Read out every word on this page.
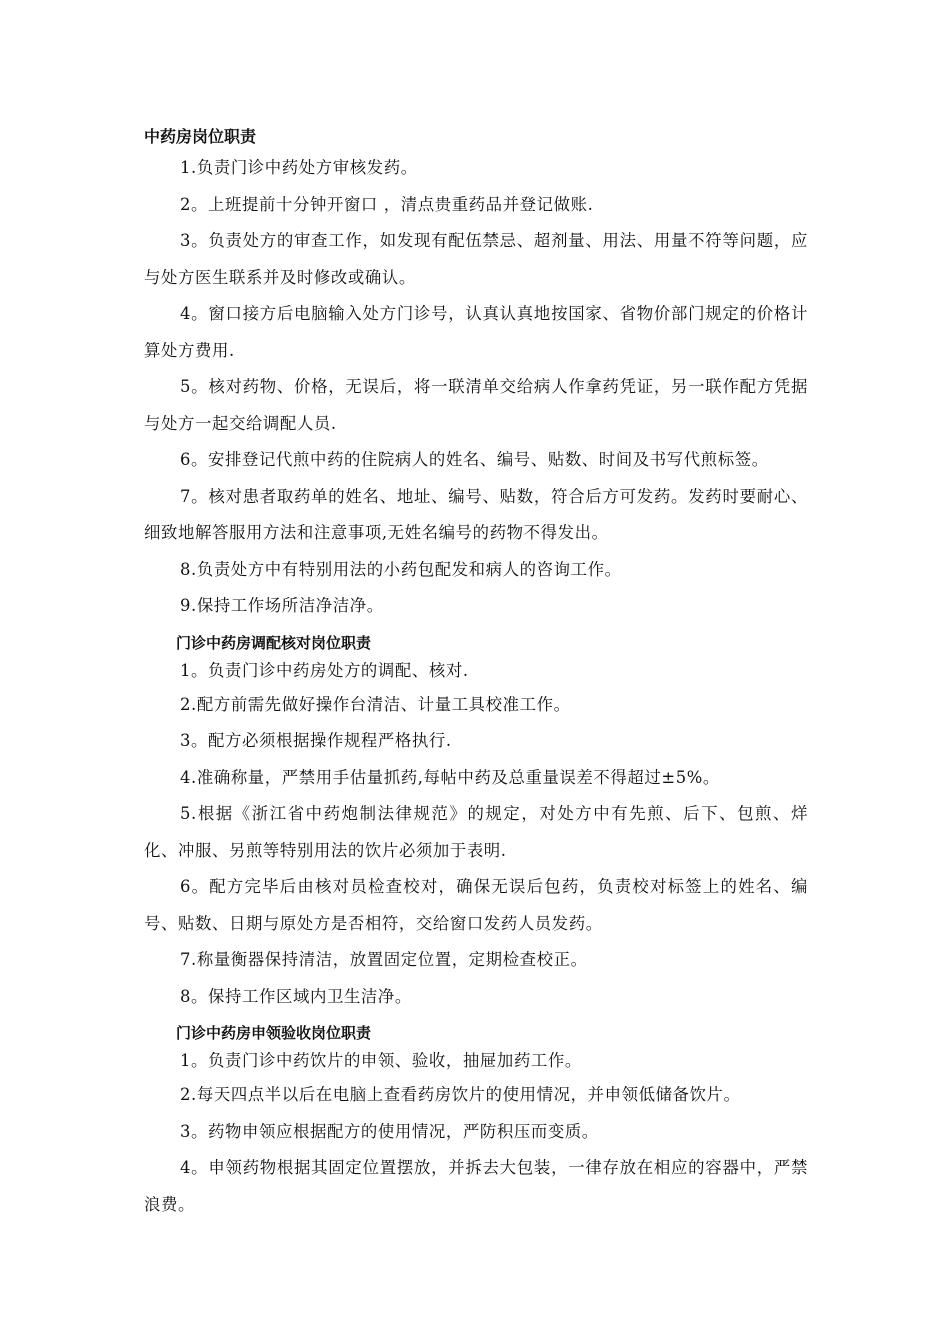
中药房岗位职责

1.负责门诊中药处方审核发药。

2。上班提前十分钟开窗口 ，清点贵重药品并登记做账.

3。负责处方的审查工作，如发现有配伍禁忌、超剂量、用法、用量不符等问题，应与处方医生联系并及时修改或确认。

4。窗口接方后电脑输入处方门诊号，认真认真地按国家、省物价部门规定的价格计算处方费用.

5。核对药物、价格，无误后，将一联清单交给病人作拿药凭证，另一联作配方凭据与处方一起交给调配人员.

6。安排登记代煎中药的住院病人的姓名、编号、贴数、时间及书写代煎标签。

7。核对患者取药单的姓名、地址、编号、贴数，符合后方可发药。发药时要耐心、细致地解答服用方法和注意事项,无姓名编号的药物不得发出。

8.负责处方中有特别用法的小药包配发和病人的咨询工作。

9.保持工作场所洁净洁净。

门诊中药房调配核对岗位职责

1。负责门诊中药房处方的调配、核对.

2.配方前需先做好操作台清洁、计量工具校准工作。

3。配方必须根据操作规程严格执行.

4.准确称量，严禁用手估量抓药,每帖中药及总重量误差不得超过±5%。

5.根据《浙江省中药炮制法律规范》的规定，对处方中有先煎、后下、包煎、烊化、冲服、另煎等特别用法的饮片必须加于表明.

6。配方完毕后由核对员检查校对，确保无误后包药，负责校对标签上的姓名、编号、贴数、日期与原处方是否相符，交给窗口发药人员发药。

7.称量衡器保持清洁，放置固定位置，定期检查校正。

8。保持工作区域内卫生洁净。

门诊中药房申领验收岗位职责

1。负责门诊中药饮片的申领、验收，抽屉加药工作。

2.每天四点半以后在电脑上查看药房饮片的使用情况，并申领低储备饮片。

3。药物申领应根据配方的使用情况，严防积压而变质。

4。申领药物根据其固定位置摆放，并拆去大包装，一律存放在相应的容器中，严禁浪费。
